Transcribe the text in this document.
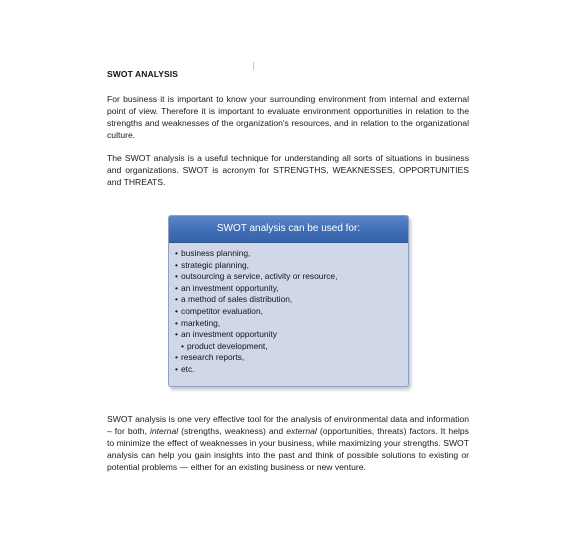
SWOT ANALYSIS

For business it is important to know your surrounding environment from internal and external point of view. Therefore it is important to evaluate environment opportunities in relation to the strengths and weaknesses of the organization's resources, and in relation to the organizational culture.

The SWOT analysis is a useful technique for understanding all sorts of situations in business and organizations. SWOT is acronym for STRENGTHS, WEAKNESSES, OPPORTUNITIES and THREATS.

SWOT analysis can be used for:
• business planning,
• strategic planning,
• outsourcing a service, activity or resource,
• an investment opportunity,
• a method of sales distribution,
• competitor evaluation,
• marketing,
• an investment opportunity
• product development,
• research reports,
• etc.

SWOT analysis is one very effective tool for the analysis of environmental data and information – for both, internal (strengths, weakness) and external (opportunities, threats) factors. It helps to minimize the effect of weaknesses in your business, while maximizing your strengths. SWOT analysis can help you gain insights into the past and think of possible solutions to existing or potential problems — either for an existing business or new venture.
